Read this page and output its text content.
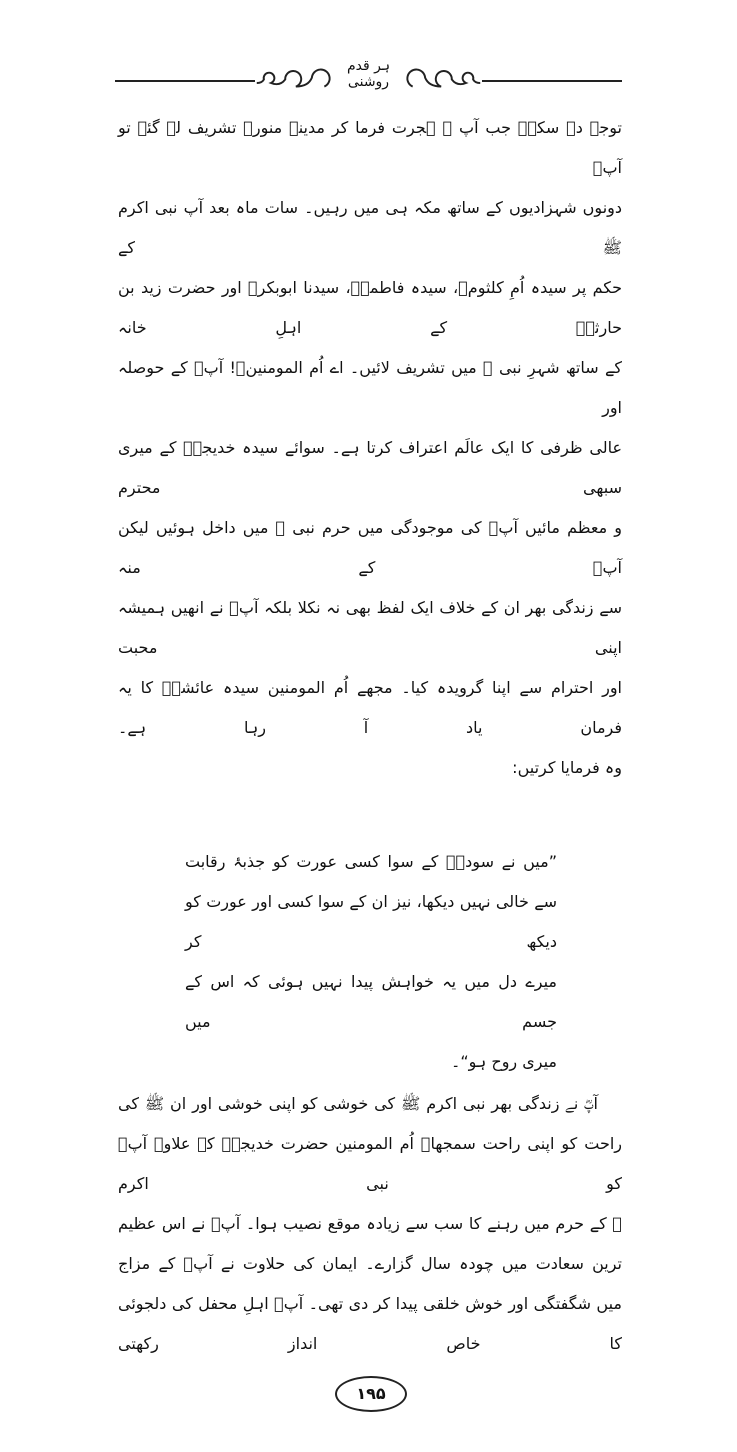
ہر قدم روشنی
توجہ دے سکے۔ جب آپ ﷺ ہجرت فرما کر مدینہ منورہ تشریف لے گئے تو آپؓ
دونوں شہزادیوں کے ساتھ مکہ ہی میں رہیں۔ سات ماہ بعد آپ نبی اکرم ﷺ کے
حکم پر سیدہ اُمِ کلثومؓ، سیدہ فاطمہؓ، سیدنا ابوبکرؓ اور حضرت زید بن حارثہؓ کے اہلِ خانہ
کے ساتھ شہرِ نبی ﷺ میں تشریف لائیں۔ اے اُم المومنینؓ! آپؓ کے حوصلہ اور
عالی ظرفی کا ایک عالَم اعتراف کرتا ہے۔ سوائے سیدہ خدیجہؓ کے میری سبھی محترم
و معظم مائیں آپؓ کی موجودگی میں حرم نبی ﷺ میں داخل ہوئیں لیکن آپؓ کے منہ
سے زندگی بھر ان کے خلاف ایک لفظ بھی نہ نکلا بلکہ آپؓ نے انھیں ہمیشہ اپنی محبت
اور احترام سے اپنا گرویدہ کیا۔ مجھے اُم المومنین سیدہ عائشہؓ کا یہ فرمان یاد آ رہا ہے۔
وہ فرمایا کرتیں:
”میں نے سودہؓ کے سوا کسی عورت کو جذبۂ رقابت
سے خالی نہیں دیکھا، نیز ان کے سوا کسی اور عورت کو دیکھ کر
میرے دل میں یہ خواہش پیدا نہیں ہوئی کہ اس کے جسم میں
میری روح ہو“۔
آپؓ نے زندگی بھر نبی اکرم ﷺ کی خوشی کو اپنی خوشی اور ان ﷺ کی
راحت کو اپنی راحت سمجھا۔ اُم المومنین حضرت خدیجہؓ کے علاوہ آپؓ کو نبی اکرم
ﷺ کے حرم میں رہنے کا سب سے زیادہ موقع نصیب ہوا۔ آپؓ نے اس عظیم
ترین سعادت میں چودہ سال گزارے۔ ایمان کی حلاوت نے آپؓ کے مزاج
میں شگفتگی اور خوش خلقی پیدا کر دی تھی۔ آپؓ اہلِ محفل کی دلجوئی کا خاص انداز رکھتی
۱۹۵
